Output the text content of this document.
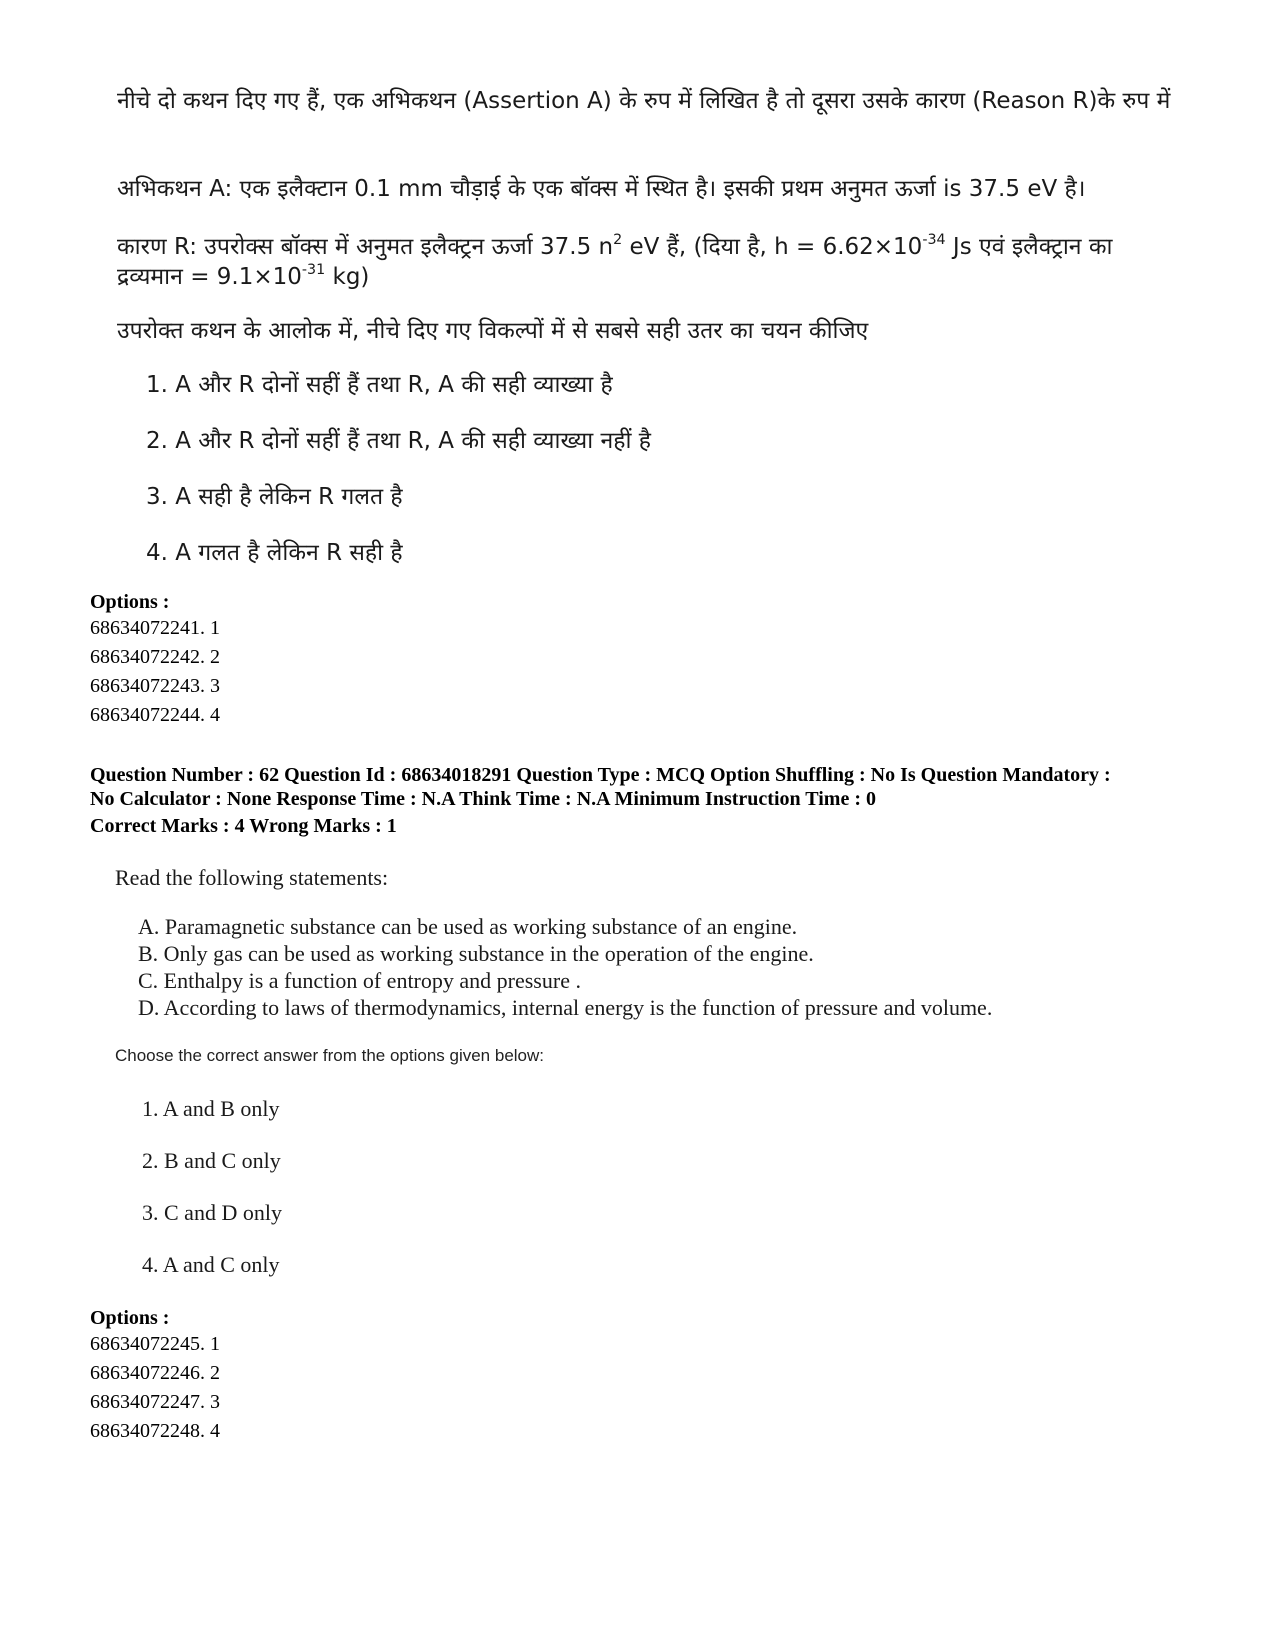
नीचे दो कथन दिए गए हैं, एक अभिकथन (Assertion A) के रुप में लिखित है तो दूसरा उसके कारण (Reason R)के रुप में
अभिकथन A: एक इलैक्टान 0.1 mm चौड़ाई के एक बॉक्स में स्थित है। इसकी प्रथम अनुमत ऊर्जा is 37.5 eV है।
कारण R: उपरोक्स बॉक्स में अनुमत इलैक्ट्रन ऊर्जा 37.5 $n^2$ eV हैं, (दिया है, $h = 6.62\times 10^{-34}$ Js एवं इलैक्ट्रान का
द्रव्यमान = $9.1\times 10^{-31}$ kg)
उपरोक्त कथन के आलोक में, नीचे दिए गए विकल्पों में से सबसे सही उतर का चयन कीजिए
1. A और R दोनों सहीं हैं तथा R, A की सही व्याख्या है
2. A और R दोनों सहीं हैं तथा R, A की सही व्याख्या नहीं है
3. A सही है लेकिन R गलत है
4. A गलत है लेकिन R सही है
Options :
68634072241. 1
68634072242. 2
68634072243. 3
68634072244. 4
Question Number : 62 Question Id : 68634018291 Question Type : MCQ Option Shuffling : No Is Question Mandatory :
No Calculator : None Response Time : N.A Think Time : N.A Minimum Instruction Time : 0
Correct Marks : 4 Wrong Marks : 1
Read the following statements:
A. Paramagnetic substance can be used as working substance of an engine.
B. Only gas can be used as working substance in the operation of the engine.
C. Enthalpy is a function of entropy and pressure .
D. According to laws of thermodynamics, internal energy is the function of pressure and volume.
Choose the correct answer from the options given below:
1. A and B only
2. B and C only
3. C and D only
4. A and C only
Options :
68634072245. 1
68634072246. 2
68634072247. 3
68634072248. 4
